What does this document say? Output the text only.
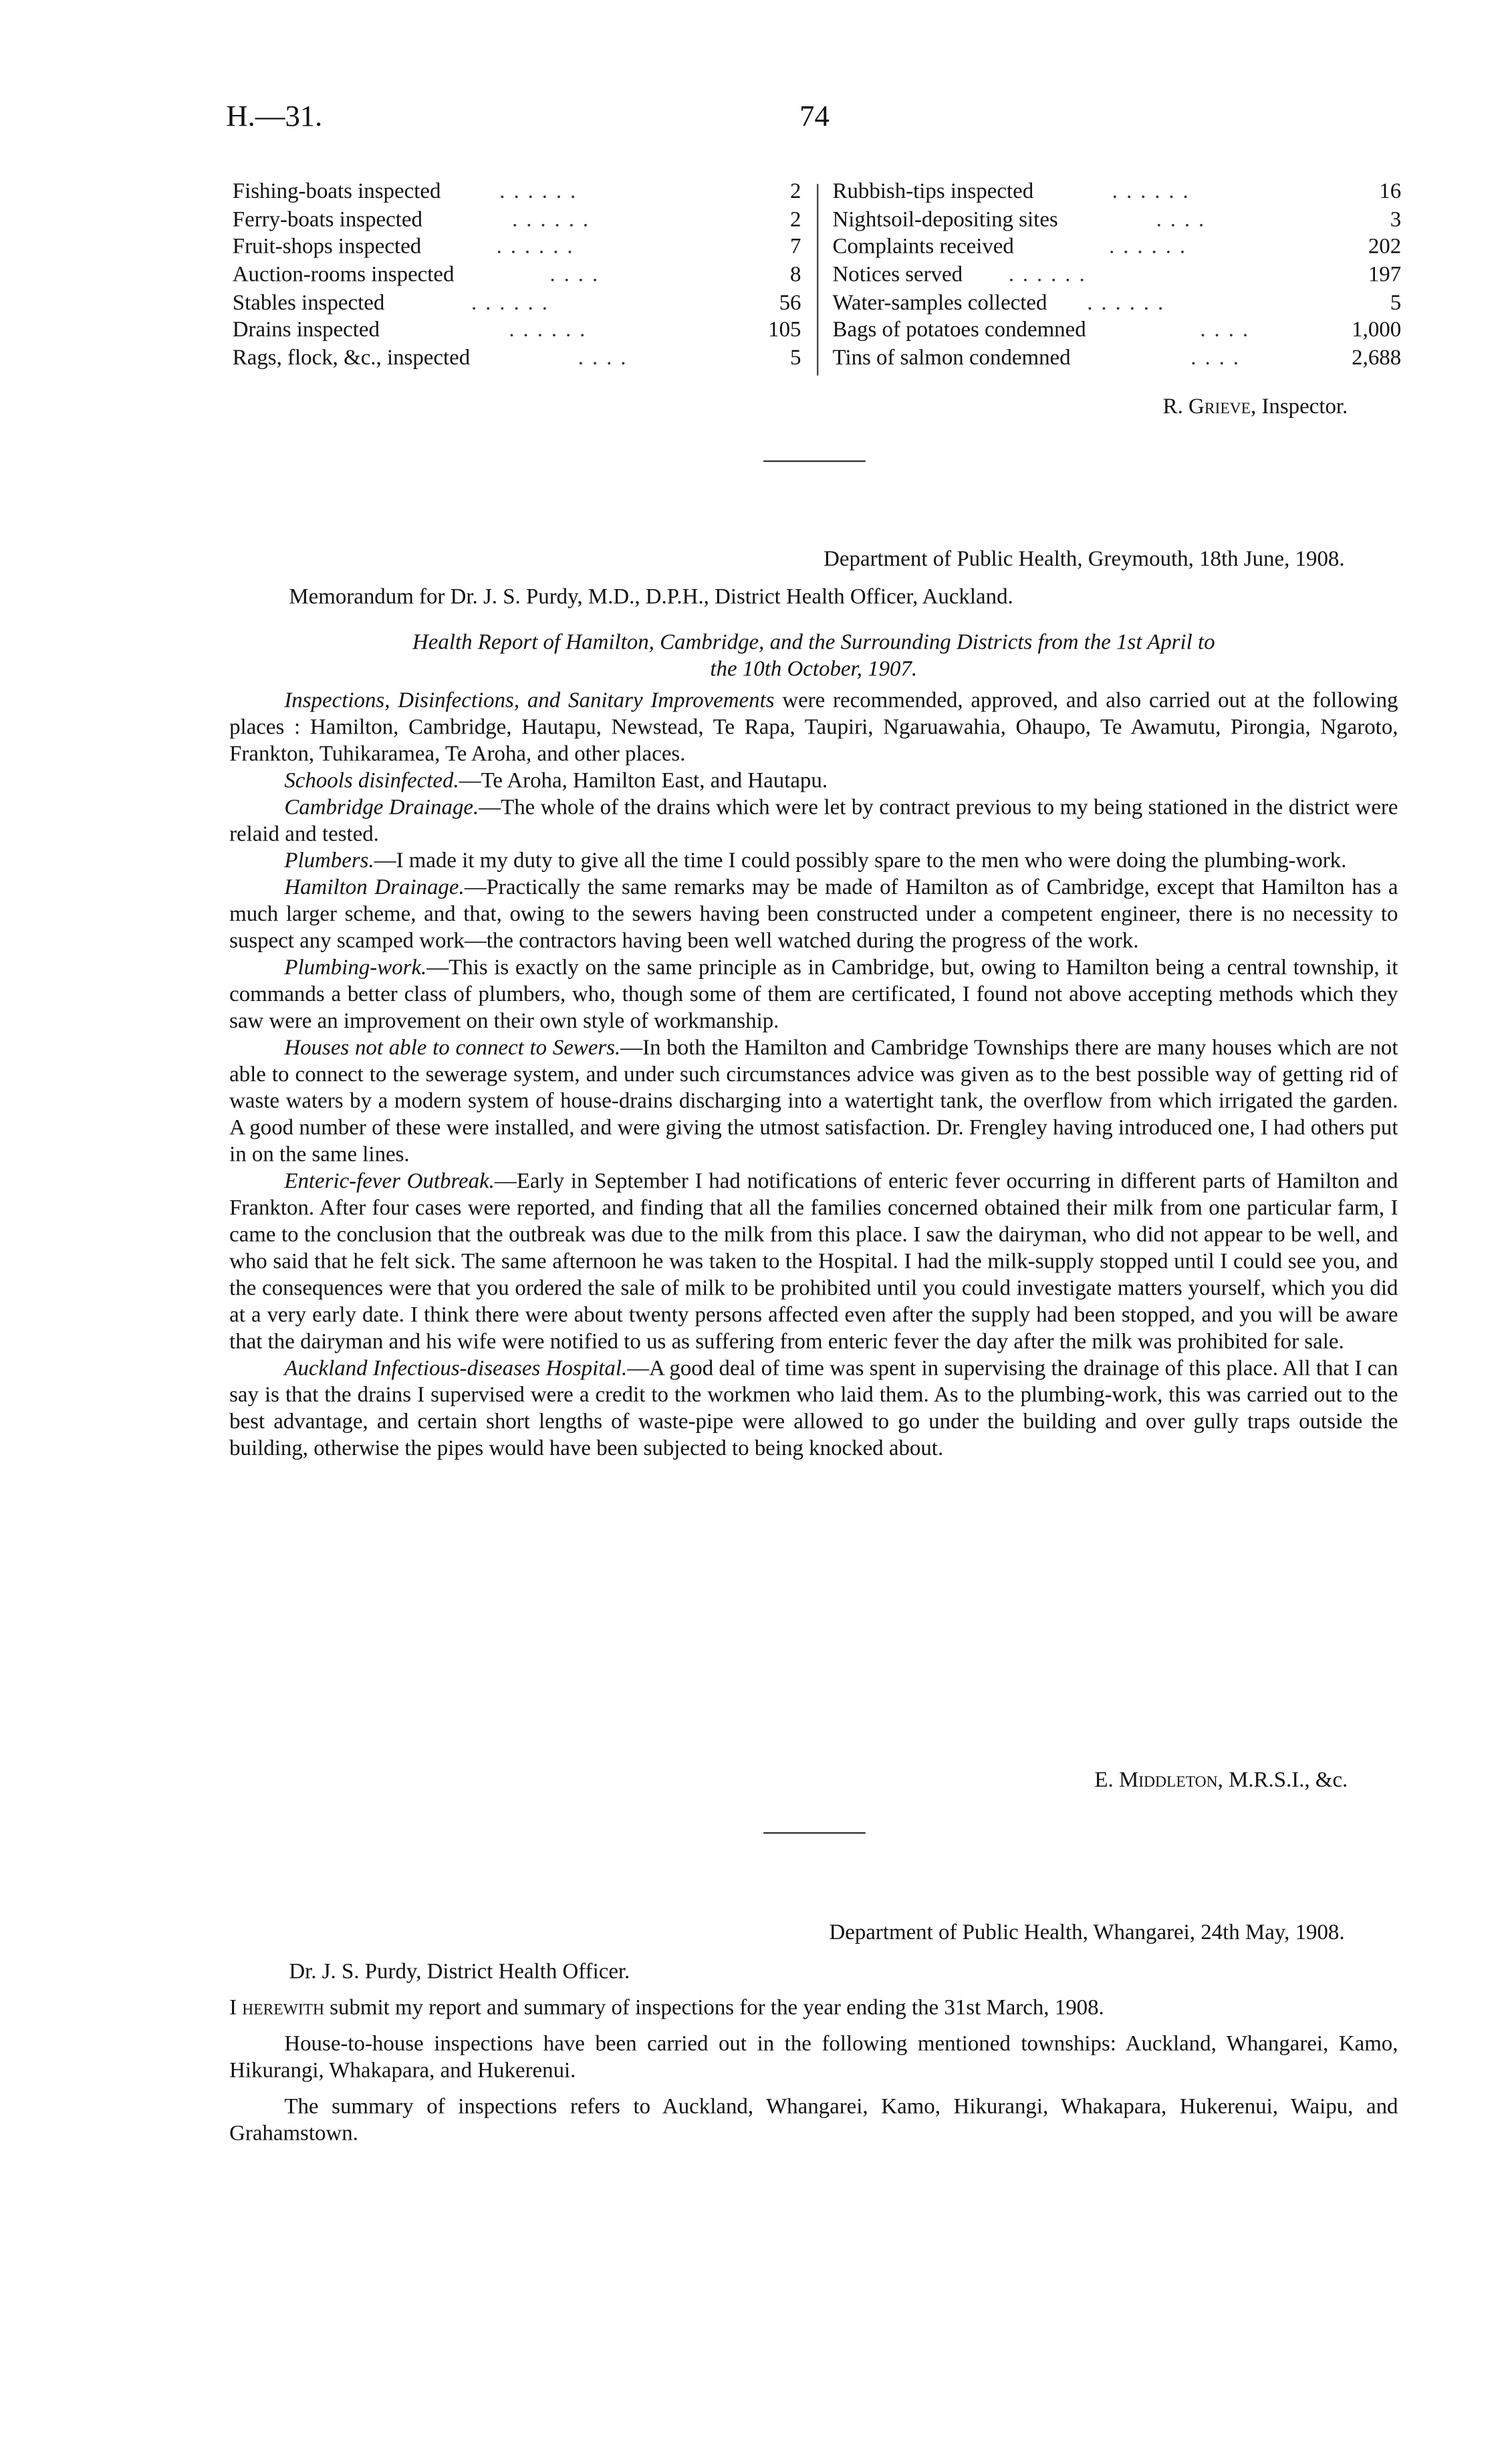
H.—31.	74
Fishing-boats inspected	. . . . . .	2
Ferry-boats inspected	. . . . . .	2
Fruit-shops inspected	. . . . . .	7
Auction-rooms inspected	. . . .	8
Stables inspected	. . . . . .	56
Drains inspected	. . . . . .	105
Rags, flock, &c., inspected	. . . .	5
Rubbish-tips inspected	. . . . . .	16
Nightsoil-depositing sites	. . . .	3
Complaints received	. . . . . .	202
Notices served	. . . . . .	197
Water-samples collected	. . . . . .	5
Bags of potatoes condemned	. . . .	1,000
Tins of salmon condemned	. . . .	2,688
R. Grieve, Inspector.
Department of Public Health, Greymouth, 18th June, 1908.
Memorandum for Dr. J. S. Purdy, M.D., D.P.H., District Health Officer, Auckland.
Health Report of Hamilton, Cambridge, and the Surrounding Districts from the 1st April to
the 10th October, 1907.

Inspections, Disinfections, and Sanitary Improvements were recommended, approved, and also carried out at the following places : Hamilton, Cambridge, Hautapu, Newstead, Te Rapa, Taupiri, Ngaruawahia, Ohaupo, Te Awamutu, Pirongia, Ngaroto, Frankton, Tuhikaramea, Te Aroha, and other places.

Schools disinfected.—Te Aroha, Hamilton East, and Hautapu.

Cambridge Drainage.—The whole of the drains which were let by contract previous to my being stationed in the district were relaid and tested.

Plumbers.—I made it my duty to give all the time I could possibly spare to the men who were doing the plumbing-work.

Hamilton Drainage.—Practically the same remarks may be made of Hamilton as of Cambridge, except that Hamilton has a much larger scheme, and that, owing to the sewers having been constructed under a competent engineer, there is no necessity to suspect any scamped work—the contractors having been well watched during the progress of the work.

Plumbing-work.—This is exactly on the same principle as in Cambridge, but, owing to Hamilton being a central township, it commands a better class of plumbers, who, though some of them are certificated, I found not above accepting methods which they saw were an improvement on their own style of workmanship.

Houses not able to connect to Sewers.—In both the Hamilton and Cambridge Townships there are many houses which are not able to connect to the sewerage system, and under such circumstances advice was given as to the best possible way of getting rid of waste waters by a modern system of house-drains discharging into a watertight tank, the overflow from which irrigated the garden. A good number of these were installed, and were giving the utmost satisfaction. Dr. Frengley having introduced one, I had others put in on the same lines.

Enteric-fever Outbreak.—Early in September I had notifications of enteric fever occurring in different parts of Hamilton and Frankton. After four cases were reported, and finding that all the families concerned obtained their milk from one particular farm, I came to the conclusion that the outbreak was due to the milk from this place. I saw the dairyman, who did not appear to be well, and who said that he felt sick. The same afternoon he was taken to the Hospital. I had the milk-supply stopped until I could see you, and the consequences were that you ordered the sale of milk to be prohibited until you could investigate matters yourself, which you did at a very early date. I think there were about twenty persons affected even after the supply had been stopped, and you will be aware that the dairyman and his wife were notified to us as suffering from enteric fever the day after the milk was prohibited for sale.

Auckland Infectious-diseases Hospital.—A good deal of time was spent in supervising the drainage of this place. All that I can say is that the drains I supervised were a credit to the workmen who laid them. As to the plumbing-work, this was carried out to the best advantage, and certain short lengths of waste-pipe were allowed to go under the building and over gully traps outside the building, otherwise the pipes would have been subjected to being knocked about.

E. Middleton, M.R.S.I., &c.
Department of Public Health, Whangarei, 24th May, 1908.
Dr. J. S. Purdy, District Health Officer.

I herewith submit my report and summary of inspections for the year ending the 31st March, 1908.

House-to-house inspections have been carried out in the following mentioned townships: Auckland, Whangarei, Kamo, Hikurangi, Whakapara, and Hukerenui.

The summary of inspections refers to Auckland, Whangarei, Kamo, Hikurangi, Whakapara, Hukerenui, Waipu, and Grahamstown.
